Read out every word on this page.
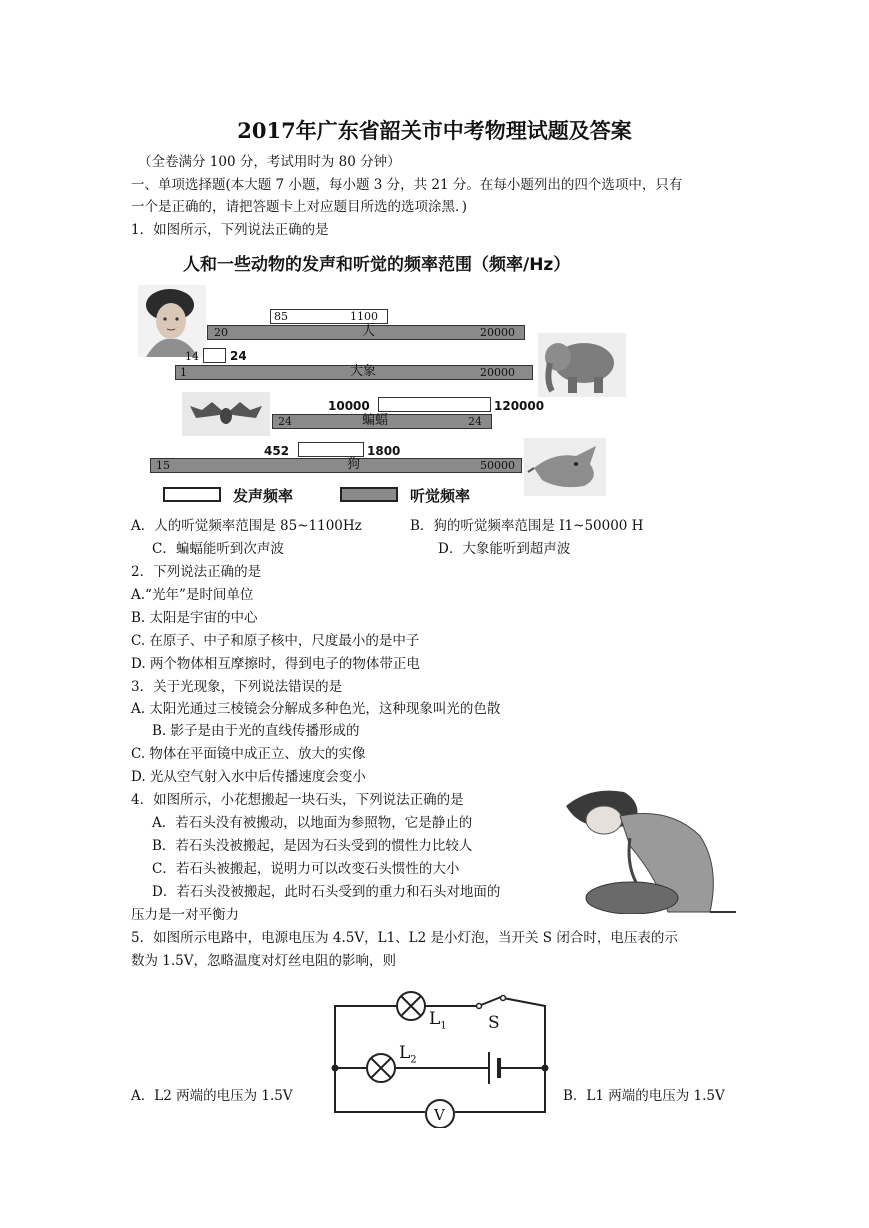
2017年广东省韶关市中考物理试题及答案
（全卷满分 100 分，考试用时为 80 分钟）
一、单项选择题(本大题 7 小题，每小题 3 分，共 21 分。在每小题列出的四个选项中，只有
一个是正确的，请把答题卡上对应题目所选的选项涂黑．)
1．如图所示，下列说法正确的是
人和一些动物的发声和听觉的频率范围（频率/Hz）
85	1100
20	人	20000
14	24
1	大象	20000
10000	120000
24	蝙蝠	24
452	1800
15	狗	50000
发声频率	听觉频率
A．人的听觉频率范围是 85~1100Hz	B．狗的听觉频率范围是 I1~50000 H
C．蝙蝠能听到次声波	D．大象能听到超声波
2．下列说法正确的是
A.“光年”是时间单位
B. 太阳是宇宙的中心
C. 在原子、中子和原子核中，尺度最小的是中子
D. 两个物体相互摩擦时，得到电子的物体带正电
3．关于光现象，下列说法错误的是
A. 太阳光通过三棱镜会分解成多种色光，这种现象叫光的色散
B. 影子是由于光的直线传播形成的
C. 物体在平面镜中成正立、放大的实像
D. 光从空气射入水中后传播速度会变小
4．如图所示，小花想搬起一块石头，下列说法正确的是
A．若石头没有被搬动，以地面为参照物，它是静止的
B．若石头没被搬起，是因为石头受到的惯性力比较人
C．若石头被搬起，说明力可以改变石头惯性的大小
D．若石头没被搬起，此时石头受到的重力和石头对地面的
压力是一对平衡力
5．如图所示电路中，电源电压为 4.5V，L1、L2 是小灯泡，当开关 S 闭合时，电压表的示
数为 1.5V，忽略温度对灯丝电阻的影响，则
$L_1$ S
$L_2$
V
A．L2 两端的电压为 1.5V	B．L1 两端的电压为 1.5V
